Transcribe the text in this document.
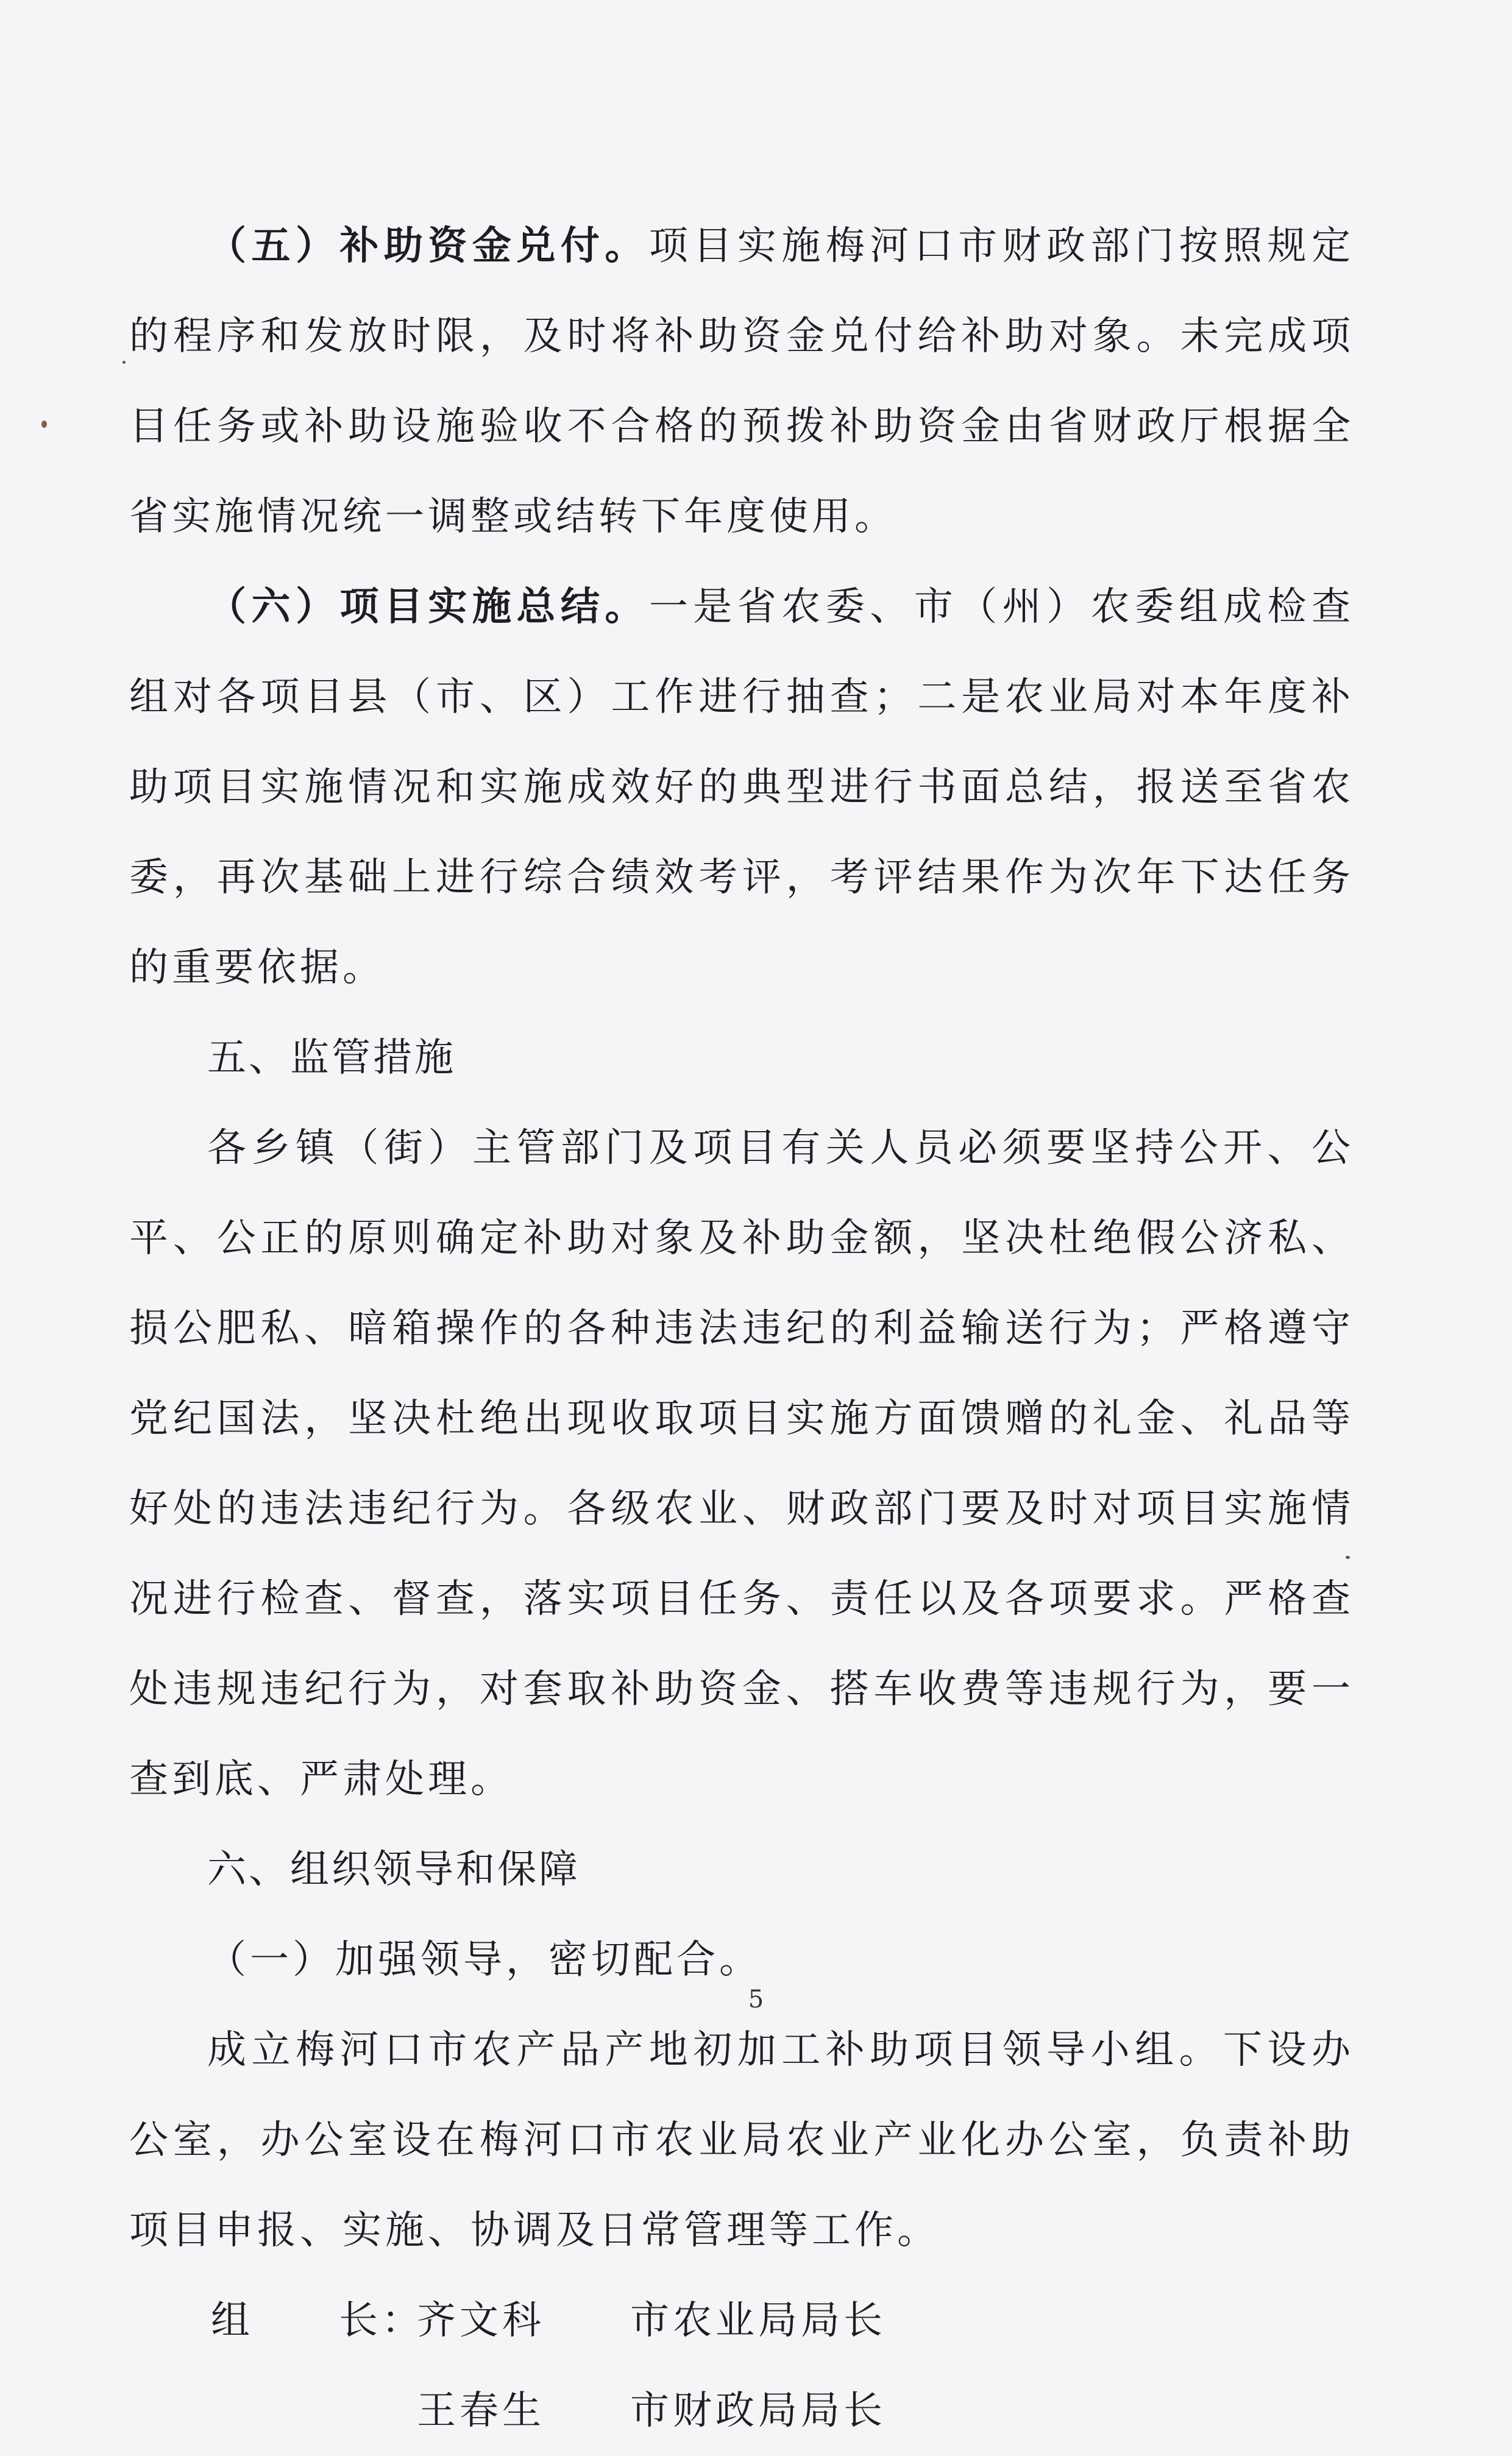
（五）补助资金兑付。项目实施梅河口市财政部门按照规定的程序和发放时限，及时将补助资金兑付给补助对象。未完成项目任务或补助设施验收不合格的预拨补助资金由省财政厅根据全省实施情况统一调整或结转下年度使用。

（六）项目实施总结。一是省农委、市（州）农委组成检查组对各项目县（市、区）工作进行抽查；二是农业局对本年度补助项目实施情况和实施成效好的典型进行书面总结，报送至省农委，再次基础上进行综合绩效考评，考评结果作为次年下达任务的重要依据。

五、监管措施

各乡镇（街）主管部门及项目有关人员必须要坚持公开、公平、公正的原则确定补助对象及补助金额，坚决杜绝假公济私、损公肥私、暗箱操作的各种违法违纪的利益输送行为；严格遵守党纪国法，坚决杜绝出现收取项目实施方面馈赠的礼金、礼品等好处的违法违纪行为。各级农业、财政部门要及时对项目实施情况进行检查、督查，落实项目任务、责任以及各项要求。严格查处违规违纪行为，对套取补助资金、搭车收费等违规行为，要一查到底、严肃处理。

六、组织领导和保障

（一）加强领导，密切配合。

成立梅河口市农产品产地初加工补助项目领导小组。下设办公室，办公室设在梅河口市农业局农业产业化办公室，负责补助项目申报、实施、协调及日常管理等工作。

组　　长：
齐文科	市农业局局长
王春生	市财政局局长
5
